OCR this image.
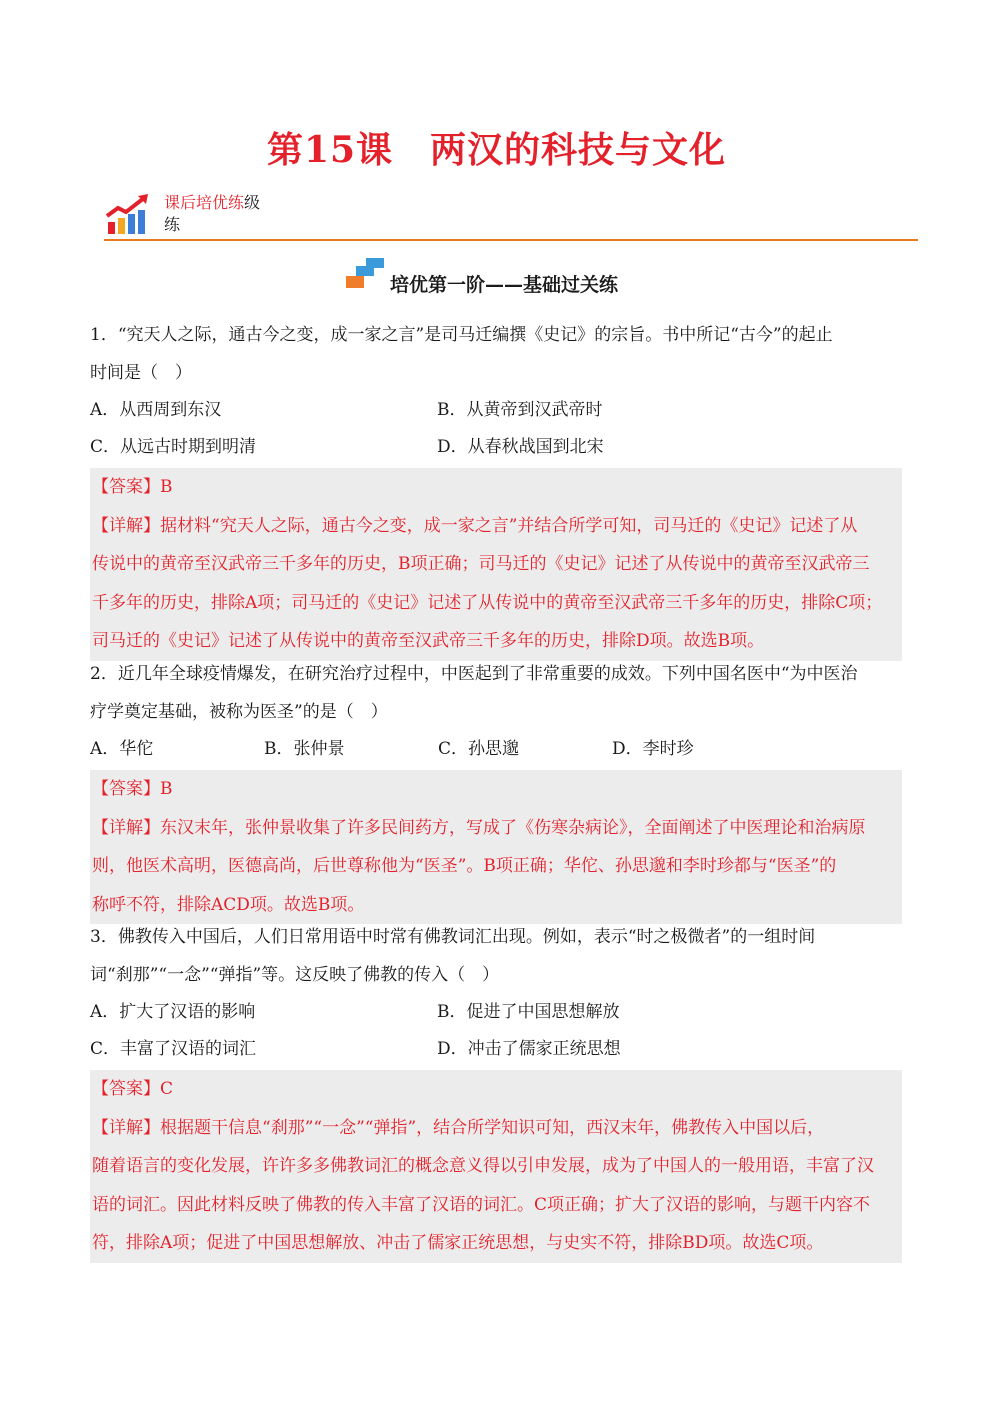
第15课　两汉的科技与文化
课后培优练级
练
培优第一阶——基础过关练
1．“究天人之际，通古今之变，成一家之言”是司马迁编撰《史记》的宗旨。书中所记“古今”的起止
时间是（　）
A．从西周到东汉	B．从黄帝到汉武帝时
C．从远古时期到明清	D．从春秋战国到北宋
【答案】B
【详解】据材料“究天人之际，通古今之变，成一家之言”并结合所学可知，司马迁的《史记》记述了从
传说中的黄帝至汉武帝三千多年的历史，B项正确；司马迁的《史记》记述了从传说中的黄帝至汉武帝三
千多年的历史，排除A项；司马迁的《史记》记述了从传说中的黄帝至汉武帝三千多年的历史，排除C项；
司马迁的《史记》记述了从传说中的黄帝至汉武帝三千多年的历史，排除D项。故选B项。
2．近几年全球疫情爆发，在研究治疗过程中，中医起到了非常重要的成效。下列中国名医中“为中医治
疗学奠定基础，被称为医圣”的是（　）
A．华佗	B．张仲景	C．孙思邈	D．李时珍
【答案】B
【详解】东汉末年，张仲景收集了许多民间药方，写成了《伤寒杂病论》，全面阐述了中医理论和治病原
则，他医术高明，医德高尚，后世尊称他为“医圣”。B项正确；华佗、孙思邈和李时珍都与“医圣”的
称呼不符，排除ACD项。故选B项。
3．佛教传入中国后，人们日常用语中时常有佛教词汇出现。例如，表示“时之极微者”的一组时间
词“刹那”“一念”“弹指”等。这反映了佛教的传入（　）
A．扩大了汉语的影响	B．促进了中国思想解放
C．丰富了汉语的词汇	D．冲击了儒家正统思想
【答案】C
【详解】根据题干信息“刹那”“一念”“弹指”，结合所学知识可知，西汉末年，佛教传入中国以后，
随着语言的变化发展，许许多多佛教词汇的概念意义得以引申发展，成为了中国人的一般用语，丰富了汉
语的词汇。因此材料反映了佛教的传入丰富了汉语的词汇。C项正确；扩大了汉语的影响，与题干内容不
符，排除A项；促进了中国思想解放、冲击了儒家正统思想，与史实不符，排除BD项。故选C项。
